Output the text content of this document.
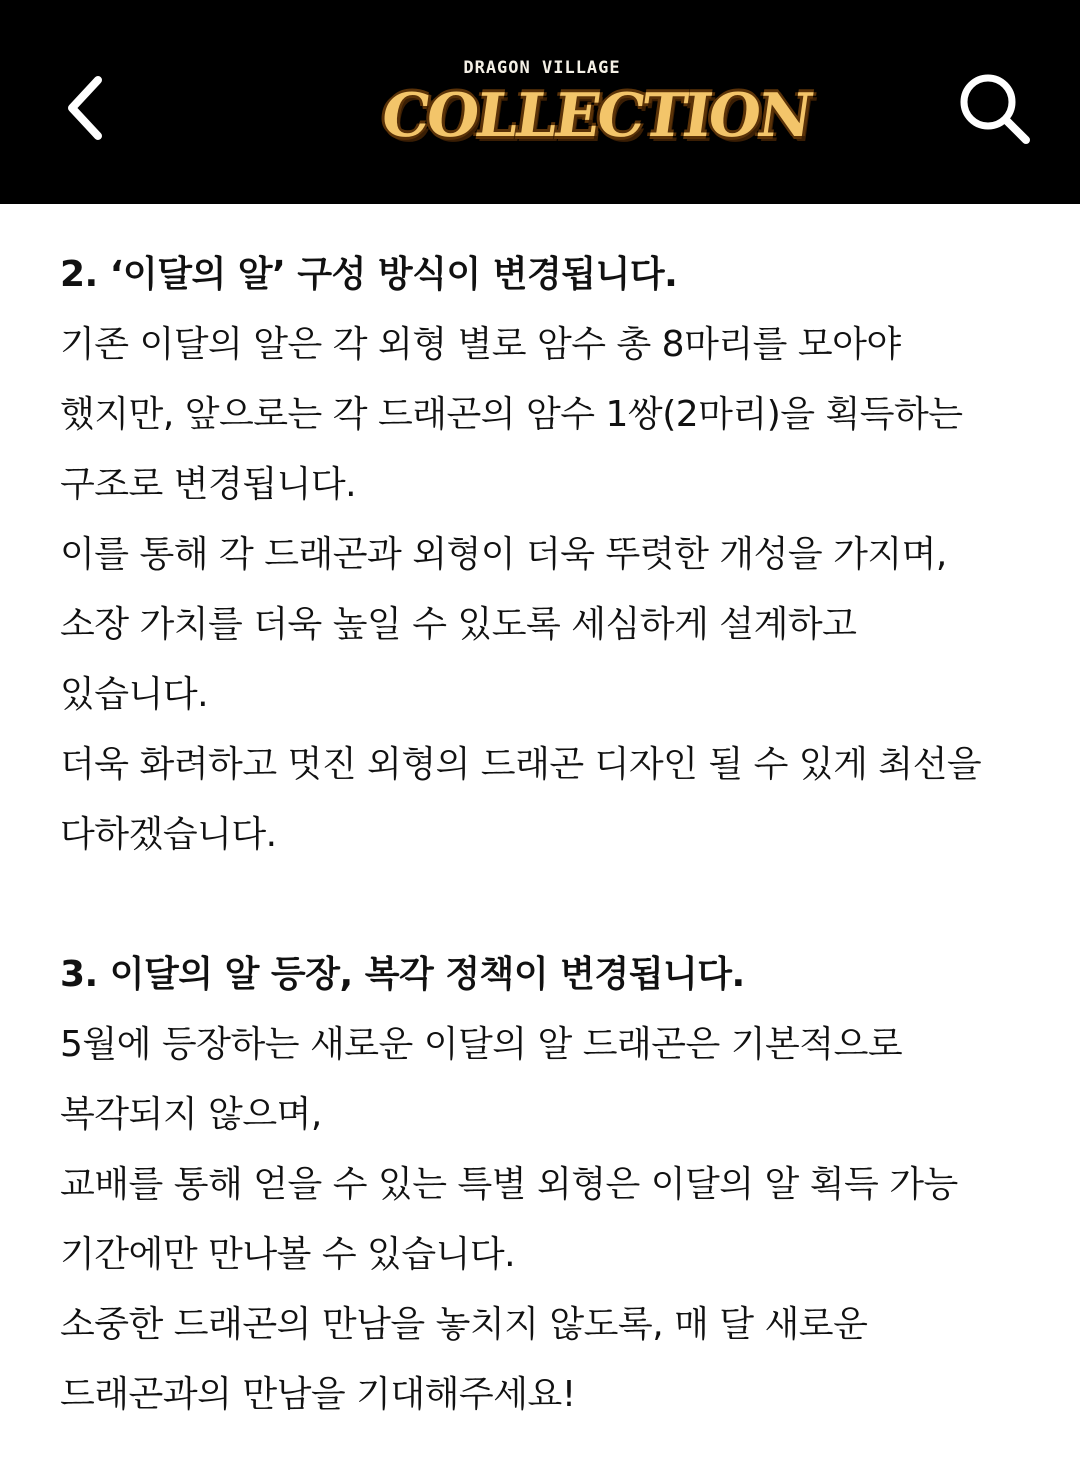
DRAGON VILLAGE
COLLECTION
2. ‘이달의 알’ 구성 방식이 변경됩니다.
기존 이달의 알은 각 외형 별로 암수 총 8마리를 모아야
했지만, 앞으로는 각 드래곤의 암수 1쌍(2마리)을 획득하는
구조로 변경됩니다.
이를 통해 각 드래곤과 외형이 더욱 뚜렷한 개성을 가지며,
소장 가치를 더욱 높일 수 있도록 세심하게 설계하고
있습니다.
더욱 화려하고 멋진 외형의 드래곤 디자인 될 수 있게 최선을
다하겠습니다.
3. 이달의 알 등장, 복각 정책이 변경됩니다.
5월에 등장하는 새로운 이달의 알 드래곤은 기본적으로
복각되지 않으며,
교배를 통해 얻을 수 있는 특별 외형은 이달의 알 획득 가능
기간에만 만나볼 수 있습니다.
소중한 드래곤의 만남을 놓치지 않도록, 매 달 새로운
드래곤과의 만남을 기대해주세요!
